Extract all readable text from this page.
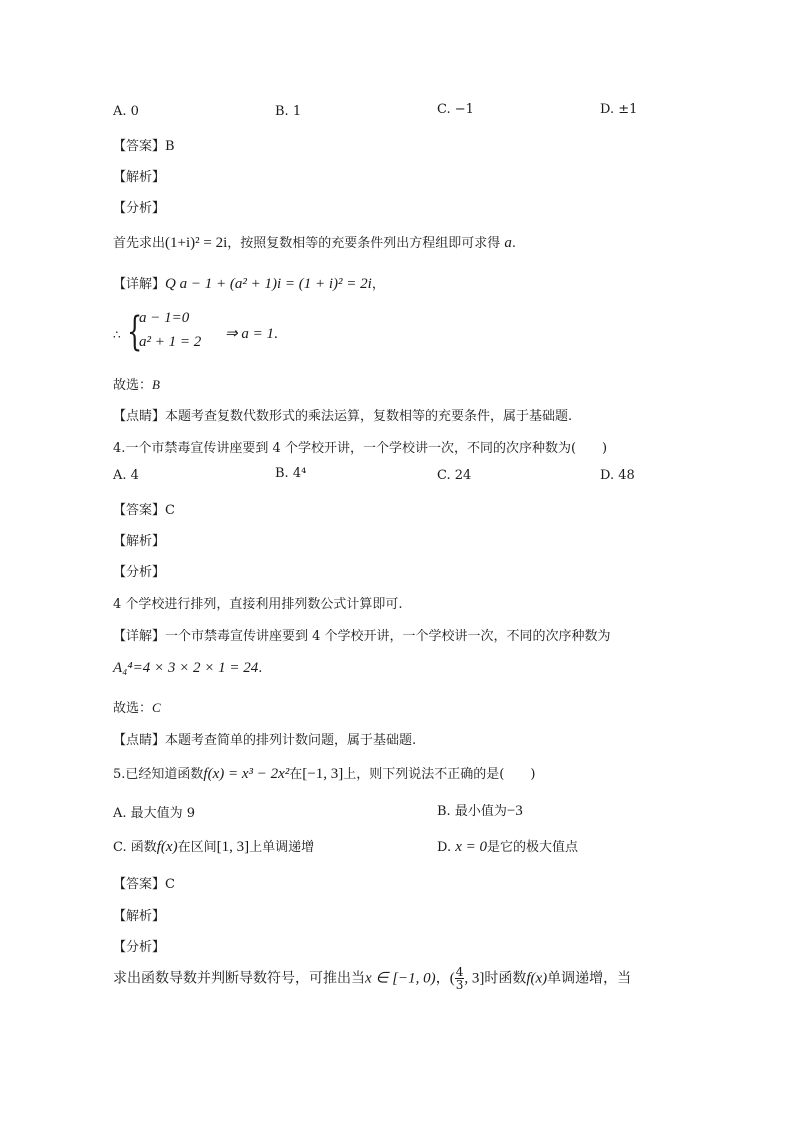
A. 0	B. 1	C. −1	D. ±1
【答案】B
【解析】
【分析】
首先求出(1+i)² = 2i，按照复数相等的充要条件列出方程组即可求得 a.
【详解】Q a − 1 + (a² + 1)i = (1 + i)² = 2i，
∴ {
a − 1=0
a² + 1 = 2 ⇒ a = 1.
故选：B
【点睛】本题考查复数代数形式的乘法运算，复数相等的充要条件，属于基础题.
4.一个市禁毒宣传讲座要到 4 个学校开讲，一个学校讲一次，不同的次序种数为(　　)
A. 4	B. 4⁴	C. 24	D. 48
【答案】C
【解析】
【分析】
4 个学校进行排列，直接利用排列数公式计算即可.
【详解】一个市禁毒宣传讲座要到 4 个学校开讲，一个学校讲一次，不同的次序种数为
A₄⁴=4 × 3 × 2 × 1 = 24.
故选：C
【点睛】本题考查简单的排列计数问题，属于基础题.
5.已经知道函数f(x) = x³ − 2x²在[−1, 3]上，则下列说法不正确的是(　　)
A. 最大值为 9	B. 最小值为−3
C. 函数f(x)在区间[1, 3]上单调递增	D. x = 0是它的极大值点
【答案】C
【解析】
【分析】
求出函数导数并判断导数符号，可推出当x ∈ [−1, 0)，( $\frac{4}{3}$ , 3]时函数f(x)单调递增，当
